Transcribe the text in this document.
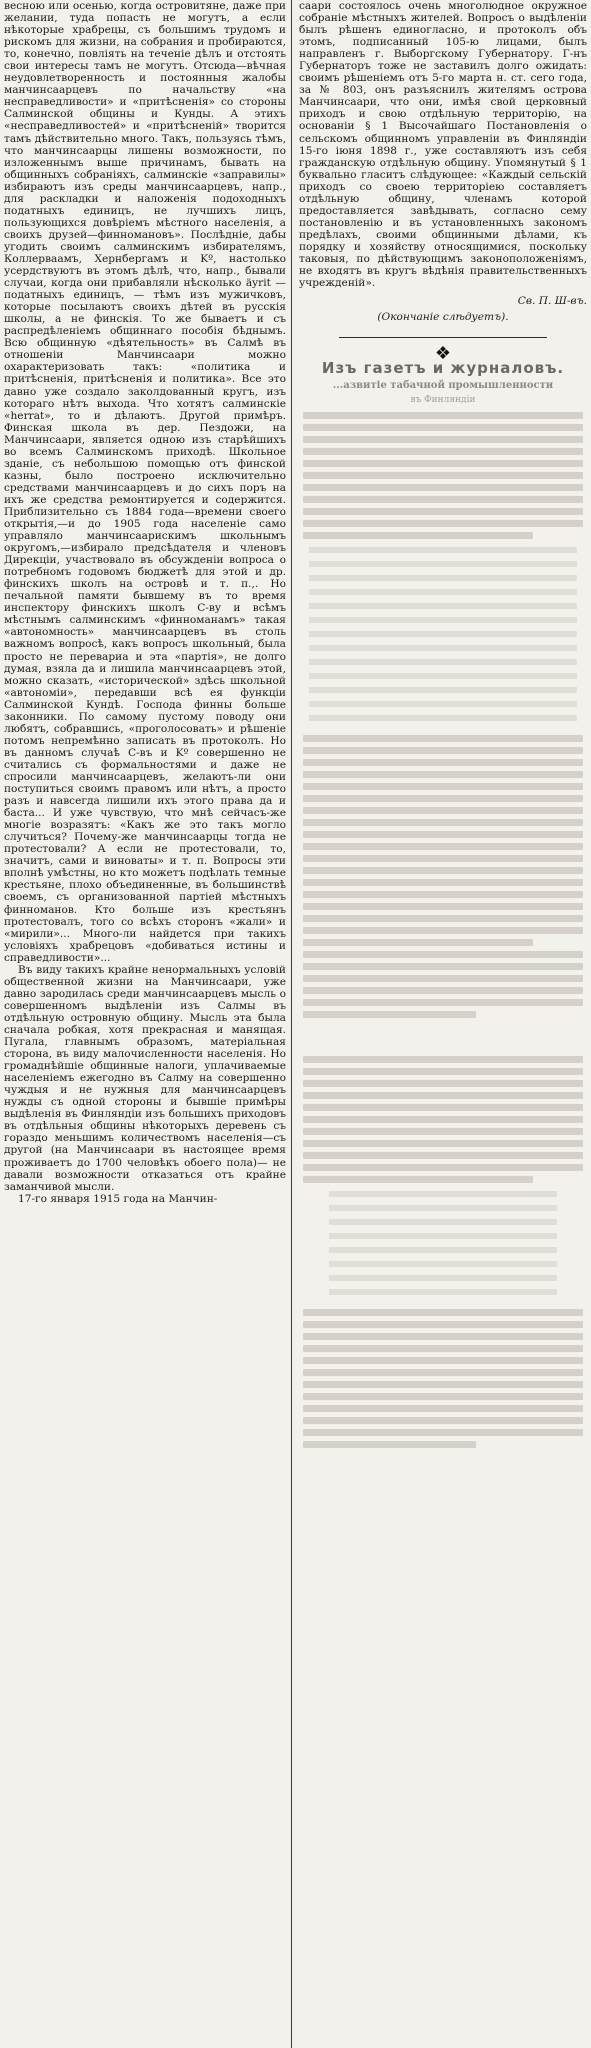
весною или осенью, когда островитяне, даже при желании, туда попасть не могутъ, а если нѣкоторые храбрецы, съ большимъ трудомъ и рискомъ для жизни, на собрания и пробираются, то, конечно, повлiять на теченiе дѣлъ и отстоять свои интересы тамъ не могутъ. Отсюда—вѣчная неудовлетворенность и постоянныя жалобы манчинсаарцевъ по начальству «на несправедливости» и «притѣсненія» со стороны Салминской общины и Кунды. А этихъ «несправедливостей» и «притѣсненій» творится тамъ дѣйствительно много. Такъ, пользуясь тѣмъ, что манчинсаарцы лишены возможности, по изложеннымъ выше причинамъ, бывать на общинныхъ собраніяхъ, салминскіе «заправилы» избираютъ изъ среды манчинсаарцевъ, напр., для раскладки и наложенія подоходныхъ податныхъ единицъ, не лучшихъ лицъ, пользующихся довѣріемъ мѣстного населенія, а своихъ друзей—финномановъ». Послѣдніе, дабы угодить своимъ салминскимъ избирателямъ, Коллерваамъ, Хернбергамъ и Kº, настолько усердствуютъ въ этомъ дѣлѣ, что, напр., бывали случаи, когда они прибавляли нѣсколько äyrit — податныхъ единицъ, — тѣмъ изъ мужичковъ, которые посылаютъ своихъ дѣтей въ русскія школы, а не финскія. То же бываетъ и съ распредѣленіемъ общиннаго пособія бѣднымъ. Всю общинную «дѣятельность» въ Салмѣ въ отношеніи Манчинсаари можно охарактеризовать такъ: «политика и притѣсненія, притѣсненія и политика». Все это давно уже создало заколдованный кругъ, изъ котораго нѣтъ выхода. Что хотятъ салминскіе «herrat», то и дѣлаютъ. Другой примѣръ. Финская школа въ дер. Пездожи, на Манчинсаари, является одною изъ старѣйшихъ во всемъ Салминскомъ приходѣ. Школьное зданіе, съ небольшою помощью отъ финской казны, было построено исключительно средствами манчинсаарцевъ и до сихъ поръ на ихъ же средства ремонтируется и содержится. Приблизительно съ 1884 года—времени своего открытія,—и до 1905 года населеніе само управляло манчинсаарискимъ школьнымъ округомъ,—избирало предсѣдателя и членовъ Дирекціи, участвовало въ обсужденіи вопроса о потребномъ годовомъ бюджетѣ для этой и др. финскихъ школъ на островѣ и т. п.,. Но печальной памяти бывшему въ то время инспектору финскихъ школъ С-ву и всѣмъ мѣстнымъ салминскимъ «финноманамъ» такая «автономность» манчинсаарцевъ въ столь важномъ вопросѣ, какъ вопросъ школьный, была просто не перевариа и эта «партія», не долго думая, взяла да и лишила манчинсаарцевъ этой, можно сказать, «исторической» здѣсь школьной «автономіи», передавши всѣ ея функціи Салминской Кундѣ. Господа финны больше законники. По самому пустому поводу они любятъ, собравшись, «проголосовать» и рѣшеніе потомъ непремѣнно записать въ протоколъ. Но въ данномъ случаѣ С-въ и Kº совершенно не считались съ формальностями и даже не спросили манчинсаарцевъ, желаютъ-ли они поступиться своимъ правомъ или нѣтъ, а просто разъ и навсегда лишили ихъ этого права да и баста... И уже чувствую, что мнѣ сейчасъ-же многіе возразятъ: «Какъ же это такъ могло случиться? Почему-же манчинсаарцы тогда не протестовали? А если не протестовали, то, значитъ, сами и виноваты» и т. п. Вопросы эти вполнѣ умѣстны, но кто можетъ подѣлать темные крестьяне, плохо объединенные, въ большинствѣ своемъ, съ организованной партіей мѣстныхъ финноманов. Кто больше изъ крестьянъ протестовалъ, того со всѣхъ сторонъ «жали» и «мирили»... Много-ли найдется при такихъ условіяхъ храбрецовъ «добиваться истины и справедливости»...

Въ виду такихъ крайне ненормальныхъ условій общественной жизни на Манчинсаари, уже давно зародилась среди манчинсаарцевъ мысль о совершенномъ выдѣленіи изъ Салмы въ отдѣльную островную общину. Мысль эта была сначала робкая, хотя прекрасная и манящая. Пугала, главнымъ образомъ, матеріальная сторона, въ виду малочисленности населенія. Но громаднѣйшіе общинные налоги, уплачиваемые населеніемъ ежегодно въ Салму на совершенно чуждыя и не нужныя для манчинсаарцевъ нужды съ одной стороны и бывшіе примѣры выдѣленія въ Финляндіи изъ большихъ приходовъ въ отдѣльныя общины нѣкоторыхъ деревень съ гораздо меньшимъ количествомъ населенія—съ другой (на Манчинсаари въ настоящее время проживаетъ до 1700 человѣкъ обоего пола)— не давали возможности отказаться отъ крайне заманчивой мысли.

17-го января 1915 года на Манчин-

саари состоялось очень многолюдное окружное собраніе мѣстныхъ жителей. Вопросъ о выдѣленіи былъ рѣшенъ единогласно, и протоколъ объ этомъ, подписанный 105-ю лицами, былъ направленъ г. Выборгскому Губернатору. Г-нъ Губернаторъ тоже не заставилъ долго ожидать: своимъ рѣшеніемъ отъ 5-го марта н. ст. сего года, за № 803, онъ разъяснилъ жителямъ острова Манчинсаари, что они, имѣя свой церковный приходъ и свою отдѣльную территорію, на основаніи § 1 Высочайшаго Постановленія о сельскомъ общинномъ управленіи въ Финляндіи 15-го іюня 1898 г., уже составляютъ изъ себя гражданскую отдѣльную общину. Упомянутый § 1 буквально гласитъ слѣдующее: «Каждый сельскій приходъ со своею территоріею составляетъ отдѣльную общину, членамъ которой предоставляется завѣдывать, согласно сему постановленію и въ установленныхъ закономъ предѣлахъ, своими общинными дѣлами, къ порядку и хозяйству относящимися, поскольку таковыя, по дѣйствующимъ законоположеніямъ, не входятъ въ кругъ вѣдѣнія правительственныхъ учрежденій».

Св. П. Ш-въ.
(Окончаніе слѣдуетъ).
❖
Изъ газетъ и журналовъ.
...азвитіе табачной промышленности
въ Финляндіи
